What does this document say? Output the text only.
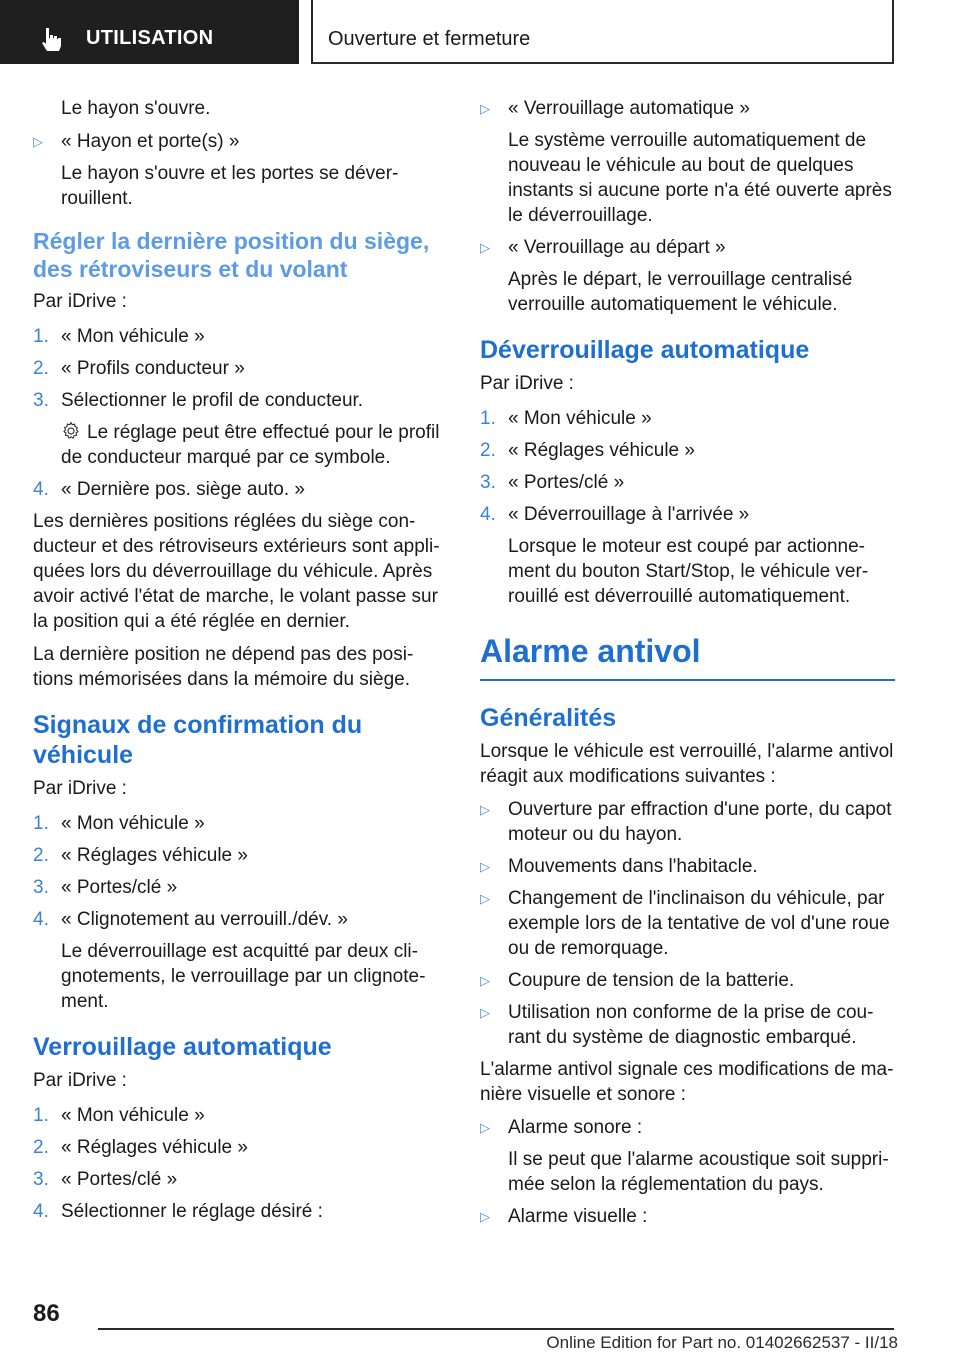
UTILISATION	Ouverture et fermeture

Le hayon s'ouvre.

▷ « Hayon et porte(s) »

Le hayon s'ouvre et les portes se déverrouillent.

Régler la dernière position du siège, des rétroviseurs et du volant

Par iDrive :

1. « Mon véhicule »

2. « Profils conducteur »

3. Sélectionner le profil de conducteur.

Le réglage peut être effectué pour le profil de conducteur marqué par ce symbole.

4. « Dernière pos. siège auto. »

Les dernières positions réglées du siège conducteur et des rétroviseurs extérieurs sont appliquées lors du déverrouillage du véhicule. Après avoir activé l'état de marche, le volant passe sur la position qui a été réglée en dernier.

La dernière position ne dépend pas des positions mémorisées dans la mémoire du siège.

Signaux de confirmation du véhicule

Par iDrive :

1. « Mon véhicule »

2. « Réglages véhicule »

3. « Portes/clé »

4. « Clignotement au verrouill./dév. »

Le déverrouillage est acquitté par deux clignotements, le verrouillage par un clignotement.

Verrouillage automatique

Par iDrive :

1. « Mon véhicule »

2. « Réglages véhicule »

3. « Portes/clé »

4. Sélectionner le réglage désiré :

▷ « Verrouillage automatique »

Le système verrouille automatiquement de nouveau le véhicule au bout de quelques instants si aucune porte n'a été ouverte après le déverrouillage.

▷ « Verrouillage au départ »

Après le départ, le verrouillage centralisé verrouille automatiquement le véhicule.

Déverrouillage automatique

Par iDrive :

1. « Mon véhicule »

2. « Réglages véhicule »

3. « Portes/clé »

4. « Déverrouillage à l'arrivée »

Lorsque le moteur est coupé par actionnement du bouton Start/Stop, le véhicule verrouillé est déverrouillé automatiquement.

Alarme antivol
Généralités

Lorsque le véhicule est verrouillé, l'alarme antivol réagit aux modifications suivantes :

▷ Ouverture par effraction d'une porte, du capot moteur ou du hayon.

▷ Mouvements dans l'habitacle.

▷ Changement de l'inclinaison du véhicule, par exemple lors de la tentative de vol d'une roue ou de remorquage.

▷ Coupure de tension de la batterie.

▷ Utilisation non conforme de la prise de courant du système de diagnostic embarqué.

L'alarme antivol signale ces modifications de manière visuelle et sonore :

▷ Alarme sonore :

Il se peut que l'alarme acoustique soit supprimée selon la réglementation du pays.

▷ Alarme visuelle :

86
Online Edition for Part no. 01402662537 - II/18
